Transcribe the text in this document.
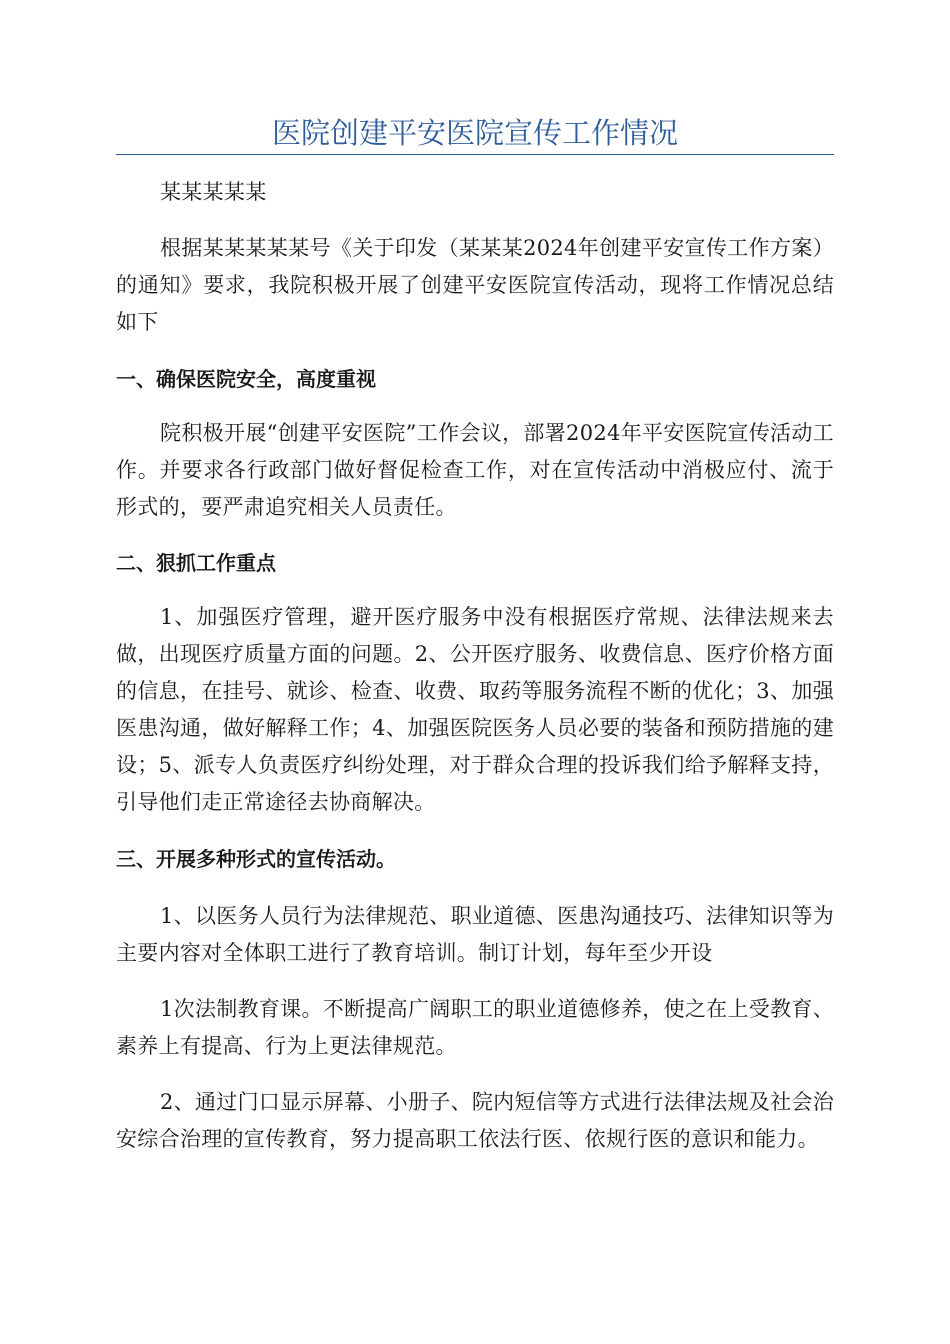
医院创建平安医院宣传工作情况

某某某某某

根据某某某某某号《关于印发（某某某2024年创建平安宣传工作方案）的通知》要求，我院积极开展了创建平安医院宣传活动，现将工作情况总结如下

一、确保医院安全，高度重视

院积极开展“创建平安医院”工作会议，部署2024年平安医院宣传活动工作。并要求各行政部门做好督促检查工作，对在宣传活动中消极应付、流于形式的，要严肃追究相关人员责任。

二、狠抓工作重点

1、加强医疗管理，避开医疗服务中没有根据医疗常规、法律法规来去做，出现医疗质量方面的问题。2、公开医疗服务、收费信息、医疗价格方面的信息，在挂号、就诊、检查、收费、取药等服务流程不断的优化；3、加强医患沟通，做好解释工作；4、加强医院医务人员必要的装备和预防措施的建设；5、派专人负责医疗纠纷处理，对于群众合理的投诉我们给予解释支持，引导他们走正常途径去协商解决。

三、开展多种形式的宣传活动。

1、以医务人员行为法律规范、职业道德、医患沟通技巧、法律知识等为主要内容对全体职工进行了教育培训。制订计划，每年至少开设

1次法制教育课。不断提高广阔职工的职业道德修养，使之在上受教育、素养上有提高、行为上更法律规范。

2、通过门口显示屏幕、小册子、院内短信等方式进行法律法规及社会治安综合治理的宣传教育，努力提高职工依法行医、依规行医的意识和能力。
